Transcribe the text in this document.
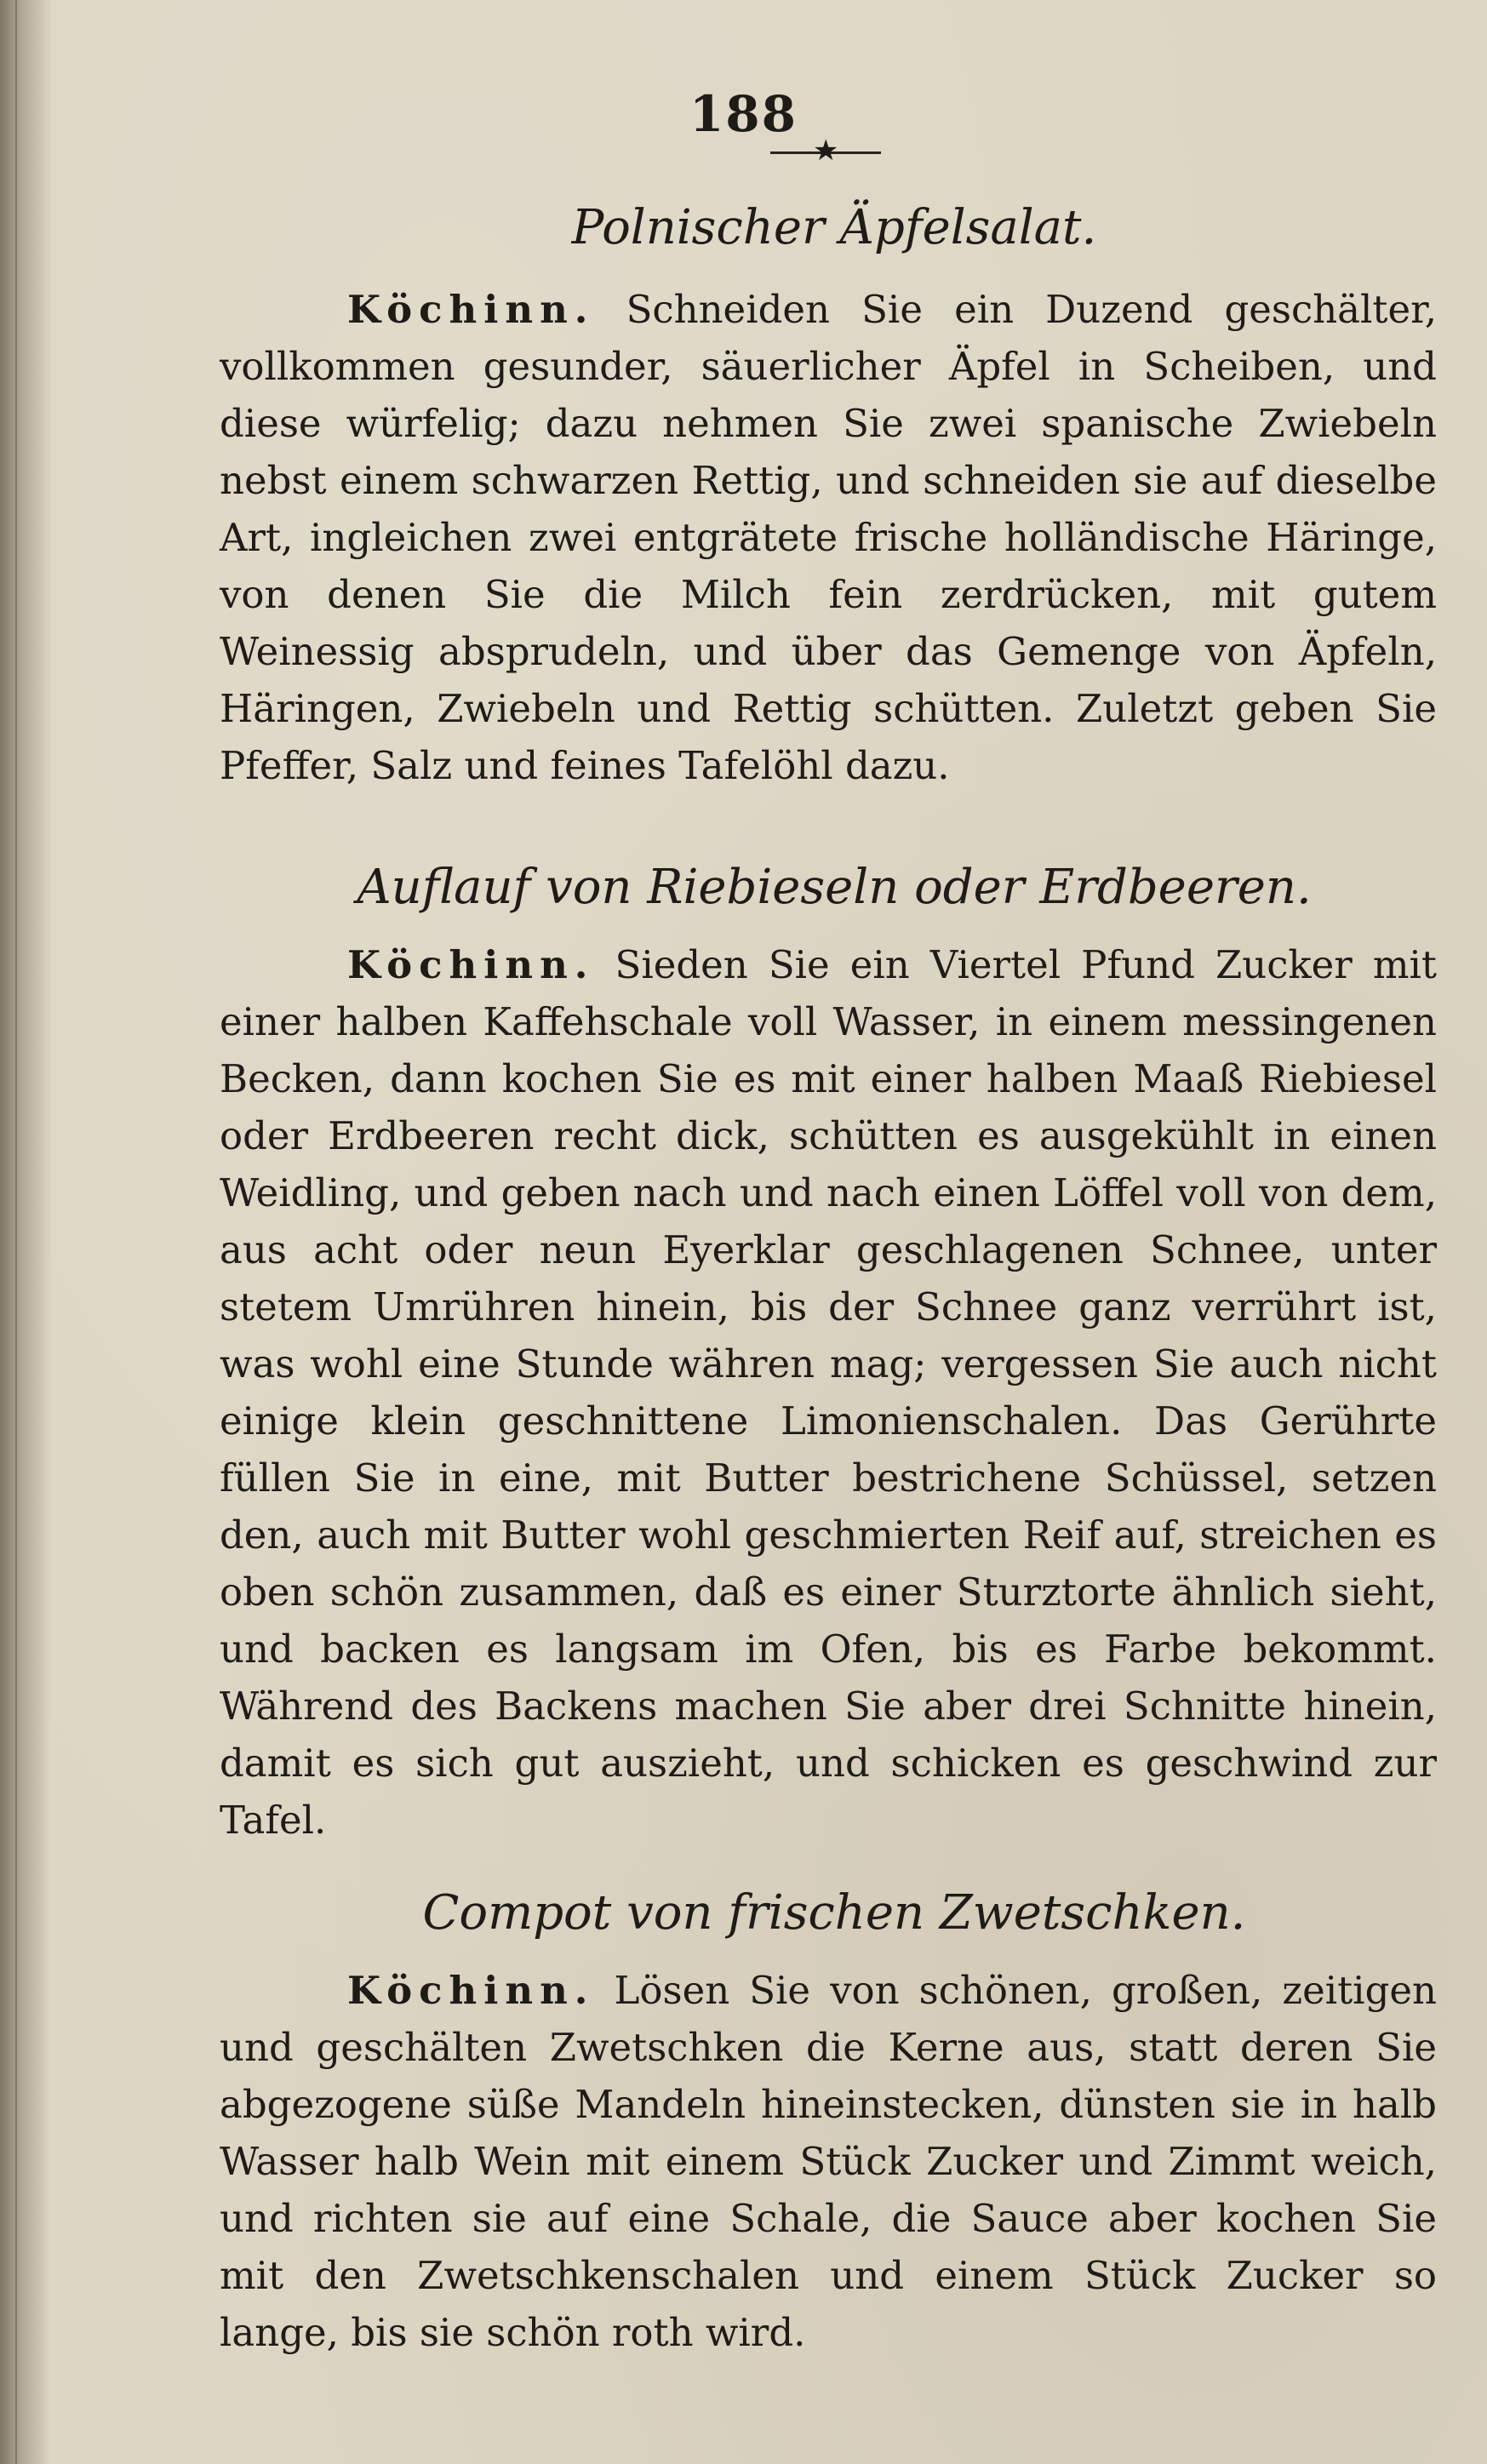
188
★
Polnischer Äpfelsalat.

Köchinn. Schneiden Sie ein Duzend geschälter, vollkommen gesunder, säuerlicher Äpfel in Scheiben, und diese würfelig; dazu nehmen Sie zwei spanische Zwiebeln nebst einem schwarzen Rettig, und schneiden sie auf dieselbe Art, ingleichen zwei entgrätete frische holländische Häringe, von denen Sie die Milch fein zerdrücken, mit gutem Weinessig absprudeln, und über das Gemenge von Äpfeln, Häringen, Zwiebeln und Rettig schütten. Zuletzt geben Sie Pfeffer, Salz und feines Tafelöhl dazu.

Auflauf von Riebieseln oder Erdbeeren.

Köchinn. Sieden Sie ein Viertel Pfund Zucker mit einer halben Kaffehschale voll Wasser, in einem messingenen Becken, dann kochen Sie es mit einer halben Maaß Riebiesel oder Erdbeeren recht dick, schütten es ausgekühlt in einen Weidling, und geben nach und nach einen Löffel voll von dem, aus acht oder neun Eyerklar geschlagenen Schnee, unter stetem Umrühren hinein, bis der Schnee ganz verrührt ist, was wohl eine Stunde währen mag; vergessen Sie auch nicht einige klein geschnittene Limonienschalen. Das Gerührte füllen Sie in eine, mit Butter bestrichene Schüssel, setzen den, auch mit Butter wohl geschmierten Reif auf, streichen es oben schön zusammen, daß es einer Sturztorte ähnlich sieht, und backen es langsam im Ofen, bis es Farbe bekommt. Während des Backens machen Sie aber drei Schnitte hinein, damit es sich gut auszieht, und schicken es geschwind zur Tafel.

Compot von frischen Zwetschken.

Köchinn. Lösen Sie von schönen, großen, zeitigen und geschälten Zwetschken die Kerne aus, statt deren Sie abgezogene süße Mandeln hineinstecken, dünsten sie in halb Wasser halb Wein mit einem Stück Zucker und Zimmt weich, und richten sie auf eine Schale, die Sauce aber kochen Sie mit den Zwetschkenschalen und einem Stück Zucker so lange, bis sie schön roth wird.
